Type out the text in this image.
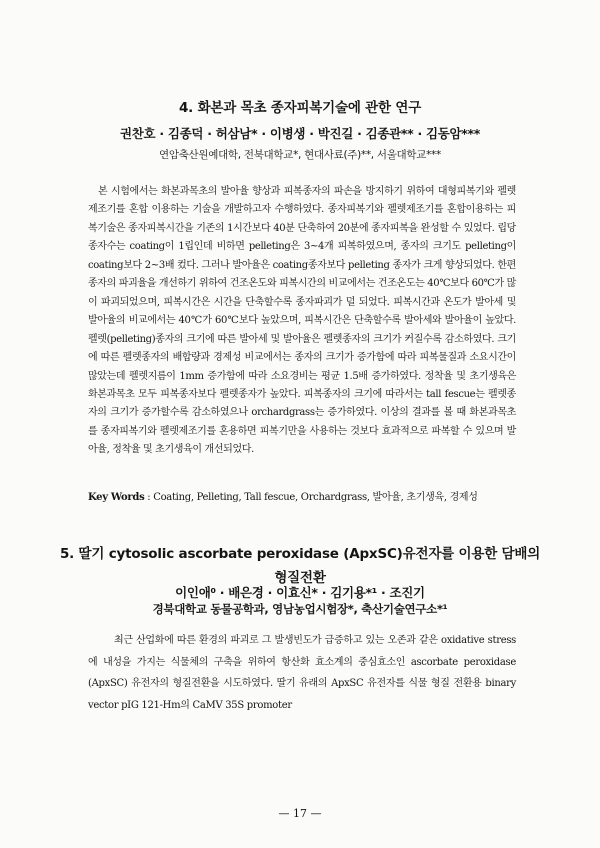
4. 화본과 목초 종자피복기술에 관한 연구
권찬호 · 김종덕 · 허삼남* · 이병생 · 박진길 · 김종관** · 김동암***
연암축산원예대학, 전북대학교*, 현대사료(주)**, 서울대학교***
본 시험에서는 화본과목초의 발아율 향상과 피복종자의 파손을 방지하기 위하여 대형피복기와 펠렛제조기를 혼합 이용하는 기술을 개발하고자 수행하였다. 종자피복기와 펠렛제조기를 혼합이용하는 피복기술은 종자피복시간을 기존의 1시간보다 40분 단축하여 20분에 종자피복을 완성할 수 있었다. 립당 종자수는 coating이 1립인데 비하면 pelleting은 3~4개 피복하였으며, 종자의 크기도 pelleting이 coating보다 2~3배 컸다. 그러나 발아율은 coating종자보다 pelleting 종자가 크게 향상되었다. 한편 종자의 파괴율을 개선하기 위하여 건조온도와 피복시간의 비교에서는 건조온도는 40℃보다 60℃가 많이 파괴되었으며, 피복시간은 시간을 단축할수록 종자파괴가 덜 되었다. 피복시간과 온도가 발아세 및 발아율의 비교에서는 40℃가 60℃보다 높았으며, 피복시간은 단축할수록 발아세와 발아율이 높았다. 펠렛(pelleting)종자의 크기에 따른 발아세 및 발아율은 펠렛종자의 크기가 커질수록 감소하였다. 크기에 따른 펠렛종자의 배합량과 경제성 비교에서는 종자의 크기가 증가함에 따라 피복물질과 소요시간이 많았는데 펠렛지름이 1mm 증가함에 따라 소요경비는 평균 1.5배 증가하였다. 정착율 및 초기생육은 화본과목초 모두 피복종자보다 펠렛종자가 높았다. 피복종자의 크기에 따라서는 tall fescue는 펠렛종자의 크기가 증가할수록 감소하였으나 orchardgrass는 증가하였다. 이상의 결과를 볼 때 화본과목초를 종자피복기와 펠렛제조기를 혼용하면 피복기만을 사용하는 것보다 효과적으로 파복할 수 있으며 발아율, 정착율 및 초기생육이 개선되었다.
Key Words : Coating, Pelleting, Tall fescue, Orchardgrass, 발아율, 초기생육, 경제성
5. 딸기 cytosolic ascorbate peroxidase (ApxSC)유전자를 이용한 담배의
형질전환
이인애⁰ · 배은경 · 이효신* · 김기용*¹ · 조진기
경북대학교 동물공학과, 영남농업시험장*, 축산기술연구소*¹
최근 산업화에 따른 환경의 파괴로 그 발생빈도가 급증하고 있는 오존과 같은 oxidative stress에 내성을 가지는 식물체의 구축을 위하여 항산화 효소계의 중심효소인 ascorbate peroxidase (ApxSC) 유전자의 형질전환을 시도하였다. 딸기 유래의 ApxSC 유전자를 식물 형질 전환용 binary vector pIG 121-Hm의 CaMV 35S promoter
— 17 —
